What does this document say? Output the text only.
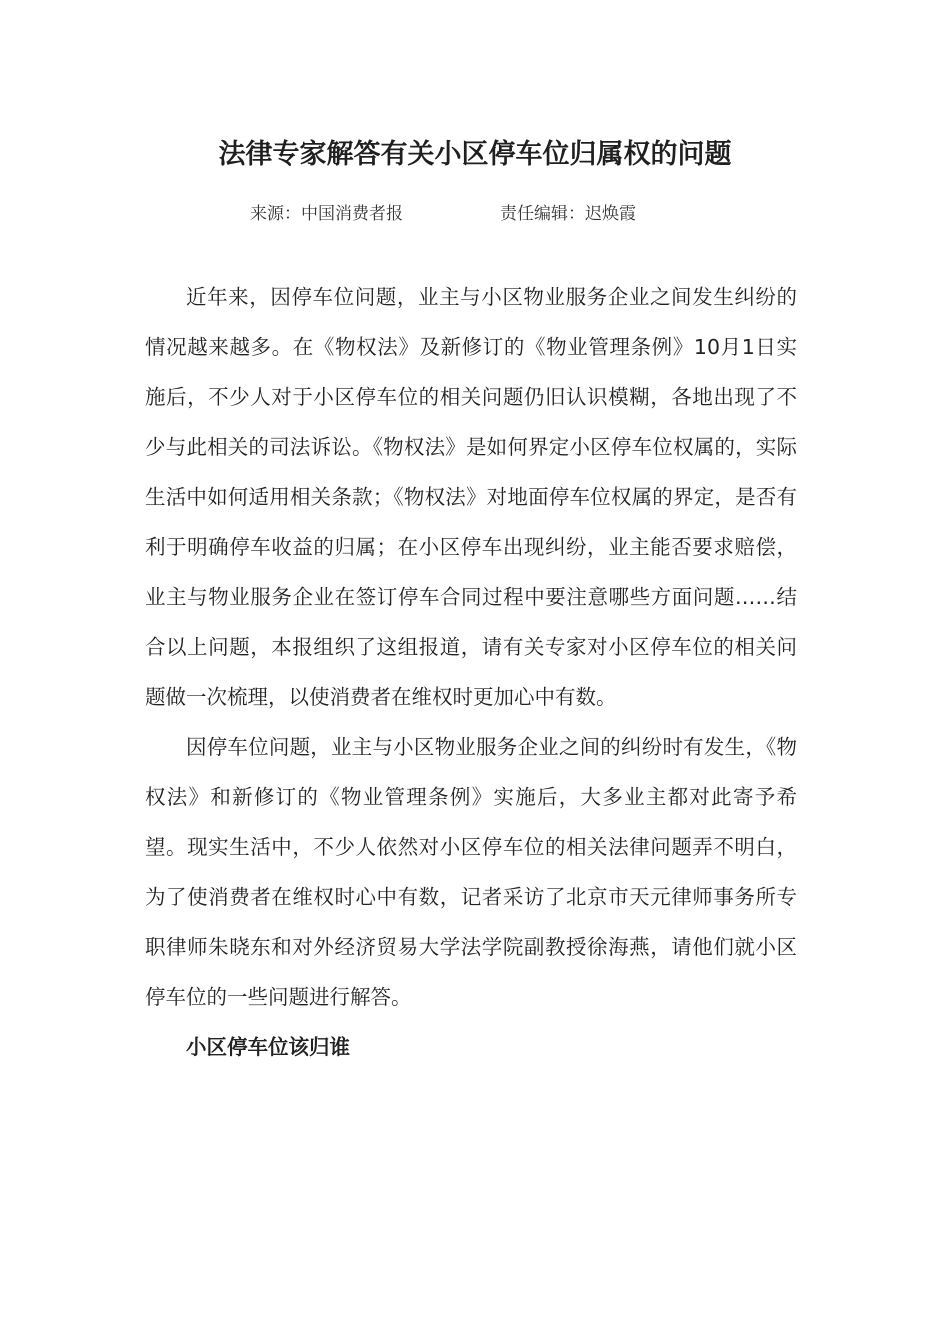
法律专家解答有关小区停车位归属权的问题
来源：中国消费者报	责任编辑：迟焕霞

近年来，因停车位问题，业主与小区物业服务企业之间发生纠纷的情况越来越多。在《物权法》及新修订的《物业管理条例》10月1日实施后，不少人对于小区停车位的相关问题仍旧认识模糊，各地出现了不少与此相关的司法诉讼。《物权法》是如何界定小区停车位权属的，实际生活中如何适用相关条款；《物权法》对地面停车位权属的界定，是否有利于明确停车收益的归属；在小区停车出现纠纷，业主能否要求赔偿，业主与物业服务企业在签订停车合同过程中要注意哪些方面问题……结合以上问题，本报组织了这组报道，请有关专家对小区停车位的相关问题做一次梳理，以使消费者在维权时更加心中有数。

因停车位问题，业主与小区物业服务企业之间的纠纷时有发生，《物权法》和新修订的《物业管理条例》实施后，大多业主都对此寄予希望。现实生活中，不少人依然对小区停车位的相关法律问题弄不明白，为了使消费者在维权时心中有数，记者采访了北京市天元律师事务所专职律师朱晓东和对外经济贸易大学法学院副教授徐海燕，请他们就小区停车位的一些问题进行解答。

小区停车位该归谁
